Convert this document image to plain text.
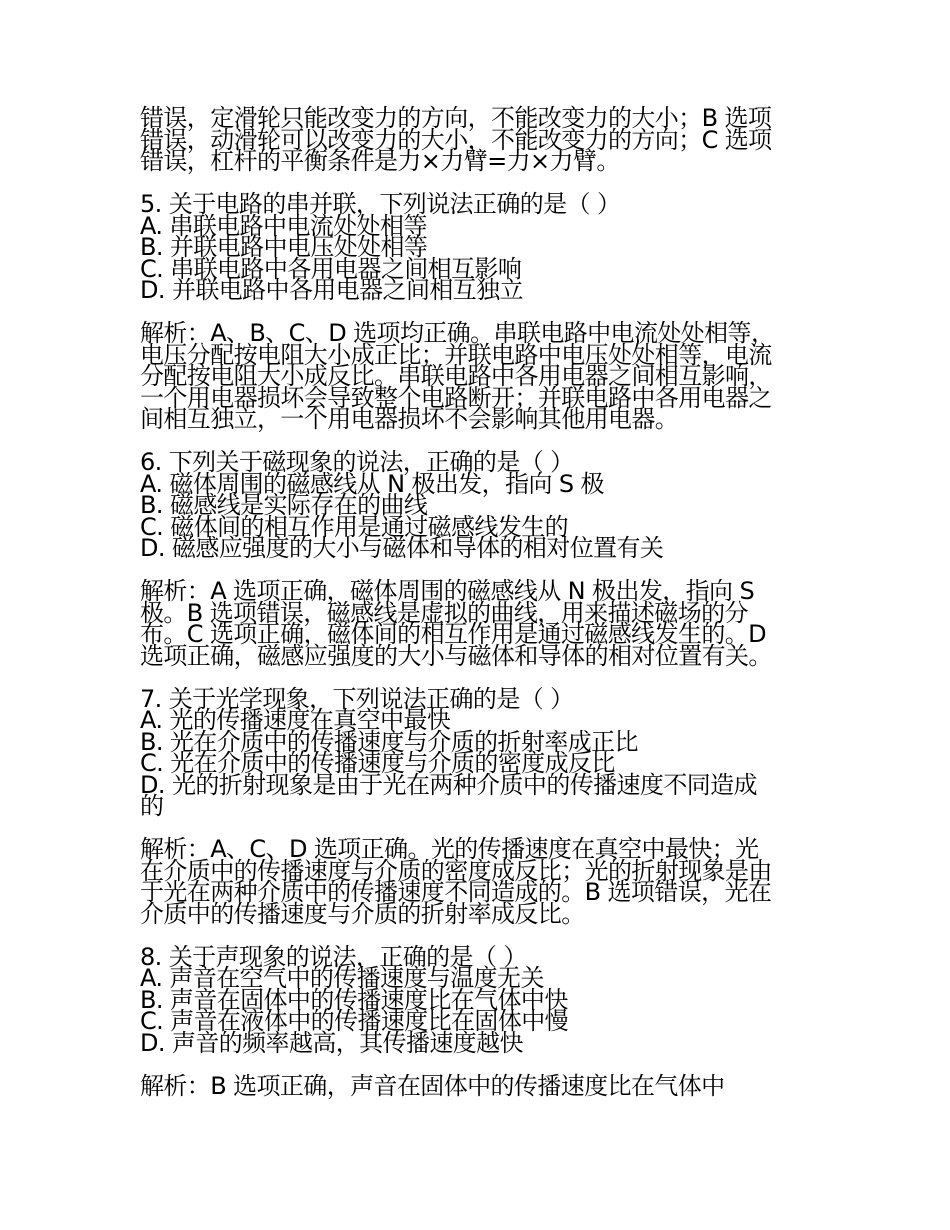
错误，定滑轮只能改变力的方向，不能改变力的大小；B 选项
错误，动滑轮可以改变力的大小，不能改变力的方向；C 选项
错误，杠杆的平衡条件是力×力臂=力×力臂。
5. 关于电路的串并联，下列说法正确的是（ ）
A. 串联电路中电流处处相等
B. 并联电路中电压处处相等
C. 串联电路中各用电器之间相互影响
D. 并联电路中各用电器之间相互独立
解析：A、B、C、D 选项均正确。串联电路中电流处处相等，
电压分配按电阻大小成正比；并联电路中电压处处相等，电流
分配按电阻大小成反比。串联电路中各用电器之间相互影响，
一个用电器损坏会导致整个电路断开；并联电路中各用电器之
间相互独立，一个用电器损坏不会影响其他用电器。
6. 下列关于磁现象的说法，正确的是（ ）
A. 磁体周围的磁感线从 N 极出发，指向 S 极
B. 磁感线是实际存在的曲线
C. 磁体间的相互作用是通过磁感线发生的
D. 磁感应强度的大小与磁体和导体的相对位置有关
解析：A 选项正确，磁体周围的磁感线从 N 极出发，指向 S
极。B 选项错误，磁感线是虚拟的曲线，用来描述磁场的分
布。C 选项正确，磁体间的相互作用是通过磁感线发生的。D
选项正确，磁感应强度的大小与磁体和导体的相对位置有关。
7. 关于光学现象，下列说法正确的是（ ）
A. 光的传播速度在真空中最快
B. 光在介质中的传播速度与介质的折射率成正比
C. 光在介质中的传播速度与介质的密度成反比
D. 光的折射现象是由于光在两种介质中的传播速度不同造成
的
解析：A、C、D 选项正确。光的传播速度在真空中最快；光
在介质中的传播速度与介质的密度成反比；光的折射现象是由
于光在两种介质中的传播速度不同造成的。B 选项错误，光在
介质中的传播速度与介质的折射率成反比。
8. 关于声现象的说法，正确的是（ ）
A. 声音在空气中的传播速度与温度无关
B. 声音在固体中的传播速度比在气体中快
C. 声音在液体中的传播速度比在固体中慢
D. 声音的频率越高，其传播速度越快
解析：B 选项正确，声音在固体中的传播速度比在气体中
